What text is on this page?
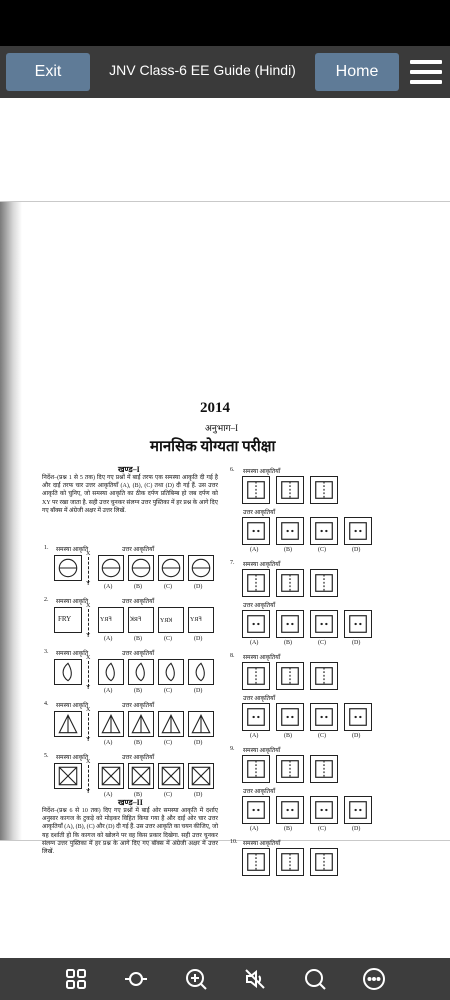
Exit	JNV Class-6 EE Guide (Hindi)	Home
2014
अनुभाग–I
मानसिक योग्यता परीक्षा
खण्ड–I
निर्देश–(प्रश्न 1 से 5 तक) दिए गए प्रश्नों में बाईं तरफ एक समस्या आकृति दी गई है और दाईं तरफ चार उत्तर आकृतियाँ (A), (B), (C) तथा (D) दी गई हैं. उस उत्तर आकृति को चुनिए, जो समस्या आकृति का ठीक दर्पण प्रतिबिम्ब हो जब दर्पण को XY पर रखा जाता है. सही उत्तर चुनकर संलग्न उत्तर पुस्तिका में हर प्रश्न के आगे दिए गए बॉक्स में अंग्रेजी अक्षर में उत्तर लिखें.
1. समस्या आकृति	उत्तर आकृतियाँ
X
Y (A)	(B)	(C)	(D)
2. समस्या आकृति	उत्तर आकृतियाँ
FRY
X
Y
YЯꟻ
(A)
ꓘЯꟻ
(B)
YЯꞰ
(C)
YЯꟻ
(D)
3. समस्या आकृति	उत्तर आकृतियाँ
X
Y (A)	(B)	(C)	(D)
4. समस्या आकृति	उत्तर आकृतियाँ
X
Y (A)	(B)	(C)	(D)
5. समस्या आकृति	उत्तर आकृतियाँ
X
Y (A)	(B)	(C)	(D)
खण्ड–II
निर्देश–(प्रश्न 6 से 10 तक) दिए गए प्रश्नों में बाईं ओर समस्या आकृति में दर्शाए अनुसार कागज के टुकड़े को मोड़कर विहित किया गया है और दाईं ओर चार उत्तर आकृतियाँ (A), (B), (C) और (D) दी गई हैं. उस उत्तर आकृति का चयन कीजिए, जो यह दर्शाती हो कि कागज को खोलने पर वह किस प्रकार दिखेगा. सही उत्तर चुनकर संलग्न उत्तर पुस्तिका में हर प्रश्न के आगे दिए गए बॉक्स में अंग्रेजी अक्षर में उत्तर लिखें.
6. समस्या आकृतियाँ
उत्तर आकृतियाँ
(A)	(B)	(C)	(D)
7. समस्या आकृतियाँ
उत्तर आकृतियाँ
(A)	(B)	(C)	(D)
8. समस्या आकृतियाँ
उत्तर आकृतियाँ
(A)	(B)	(C)	(D)
9. समस्या आकृतियाँ
उत्तर आकृतियाँ
(A)	(B)	(C)	(D)
10. समस्या आकृतियाँ
